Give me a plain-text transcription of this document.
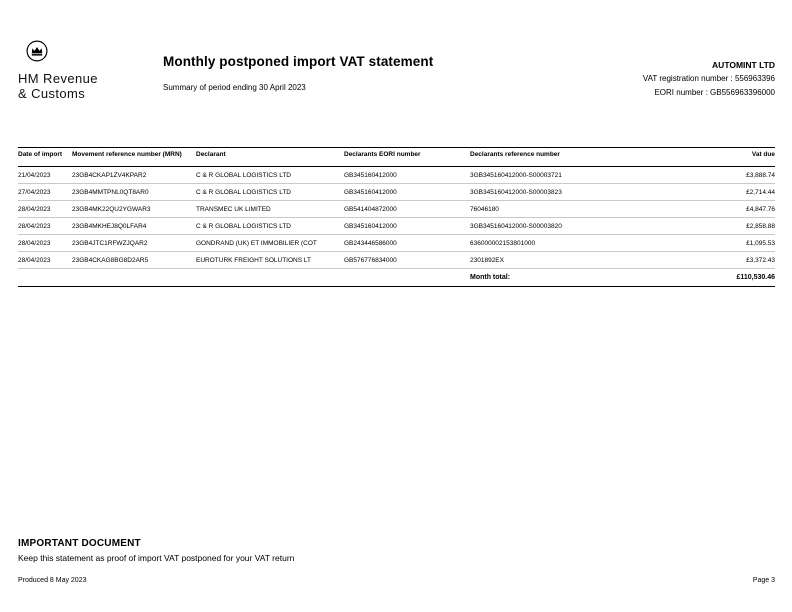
HM Revenue
& Customs
Monthly postponed import VAT statement
Summary of period ending 30 April 2023
AUTOMINT LTD
VAT registration number : 556963396
EORI number : GB556963396000
Date of import	Movement reference number (MRN)	Declarant	Declarants EORI number	Declarants reference number	Vat due
21/04/2023	23GB4CKAP1ZV4KPAR2	C & R GLOBAL LOGISTICS LTD	GB345160412000	3GB345160412000-S00003721	£3,888.74
27/04/2023	23GB4MMTPNL0QT8AR0	C & R GLOBAL LOGISTICS LTD	GB345160412000	3GB345160412000-S00003823	£2,714.44
28/04/2023	23GB4MK22QU2YGWAR3	TRANSMEC UK LIMITED	GB541404872000	76046180	£4,847.76
28/04/2023	23GB4MKHEJ8Q0LFAR4	C & R GLOBAL LOGISTICS LTD	GB345160412000	3GB345160412000-S00003820	£2,858.88
28/04/2023	23GB4JTC1RFWZJQAR2	GONDRAND (UK) ET IMMOBILIER (COT	GB243446586000	636000002153801000	£1,095.53
28/04/2023	23GB4CKAG8BG8D2AR5	EUROTURK FREIGHT SOLUTIONS LT	GB576776834000	2301892EX	£3,372.43
				Month total:	£110,530.46
IMPORTANT DOCUMENT
Keep this statement as proof of import VAT postponed for your VAT return
Produced 8 May 2023	Page 3
